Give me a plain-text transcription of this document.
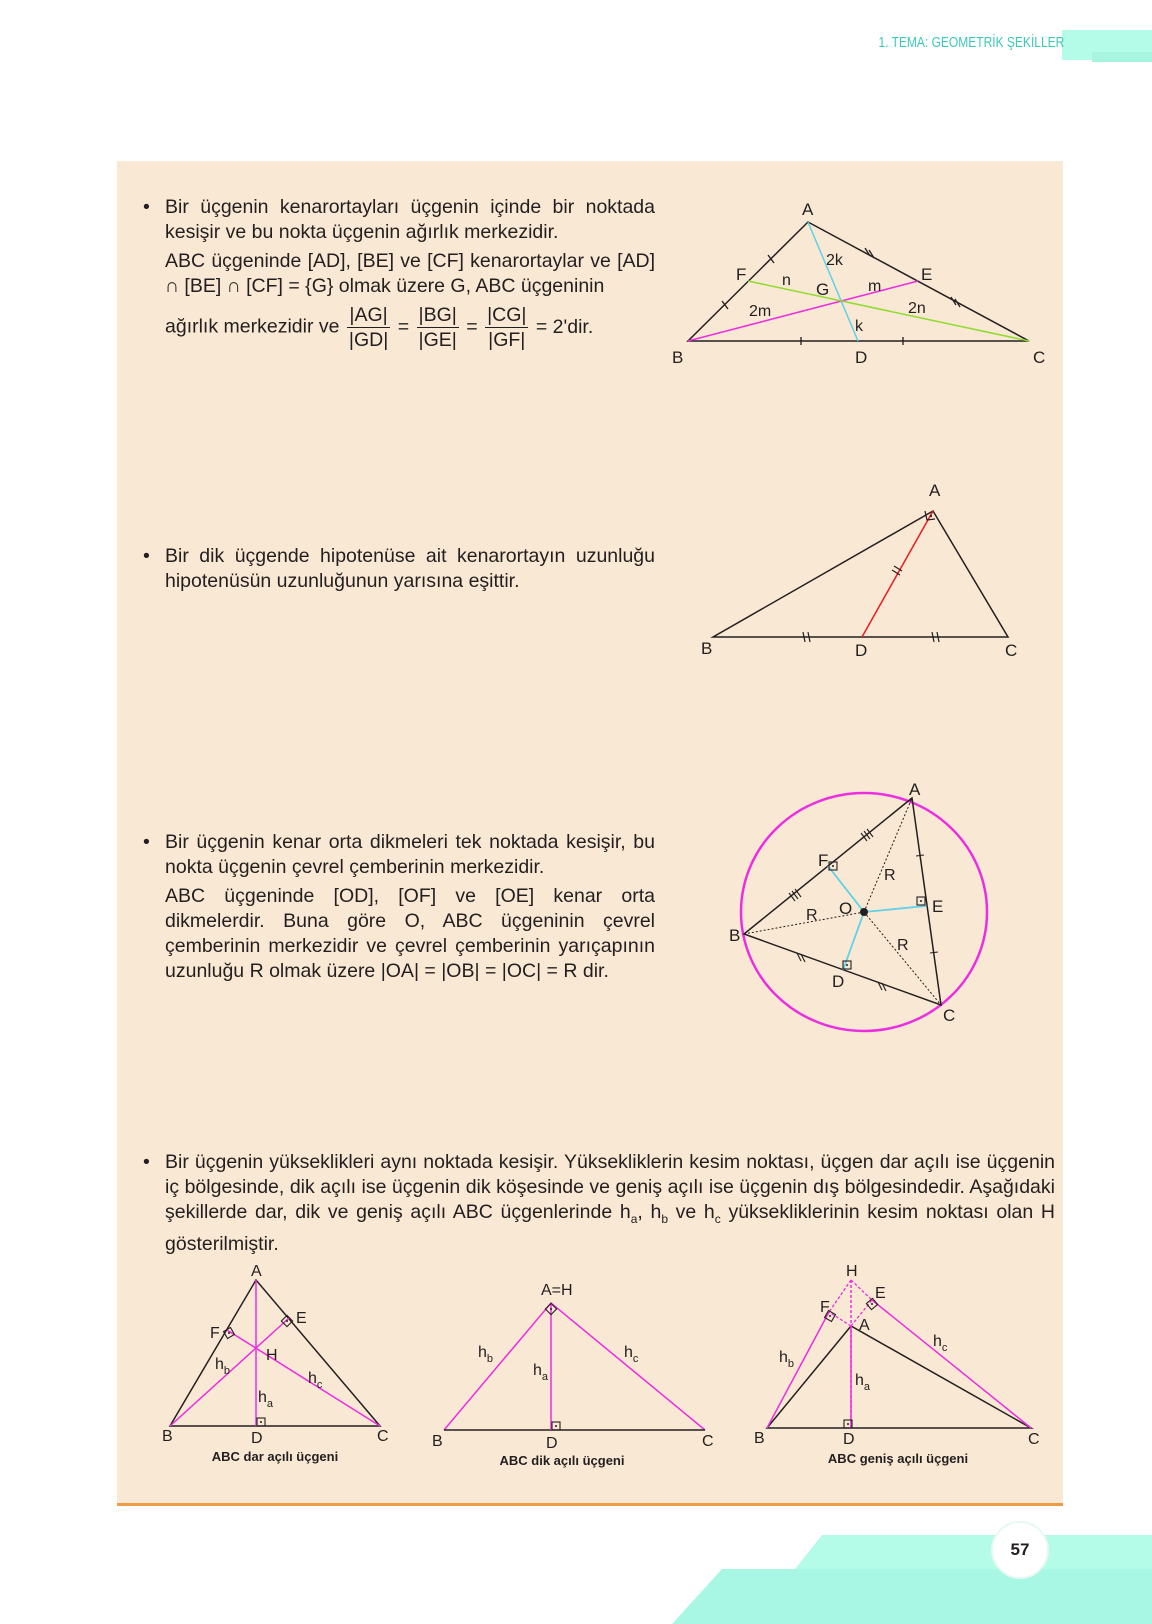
1. TEMA: GEOMETRİK ŞEKİLLER
• Bir üçgenin kenarortayları üçgenin içinde bir noktada kesişir ve bu nokta üçgenin ağırlık merkezidir.

ABC üçgeninde [AD], [BE] ve [CF] kenarortaylar ve [AD] ∩ [BE] ∩ [CF] = {G} olmak üzere G, ABC üçgeninin

ağırlık merkezidir ve $\frac{|AG|}{|GD|} = \frac{|BG|}{|GE|} = \frac{|CG|}{|GF|} = 2'dir$.
A
B	C
D
E
F
G
2k
k
n
2n
m
2m
• Bir dik üçgende hipotenüse ait kenarortayın uzunluğu hipotenüsün uzunluğunun yarısına eşittir.

A
B	C
D
• Bir üçgenin kenar orta dikmeleri tek noktada kesişir, bu nokta üçgenin çevrel çemberinin merkezidir.

ABC üçgeninde [OD], [OF] ve [OE] kenar orta dikmelerdir. Buna göre O, ABC üçgeninin çevrel çemberinin merkezidir ve çevrel çemberinin yarıçapının uzunluğu R olmak üzere |OA| = |OB| = |OC| = R dir.

A
B
C
D
E
F
O
R
R
R
• Bir üçgenin yükseklikleri aynı noktada kesişir. Yüksekliklerin kesim noktası, üçgen dar açılı ise üçgenin iç bölgesinde, dik açılı ise üçgenin dik köşesinde ve geniş açılı ise üçgenin dış bölgesindedir. Aşağıdaki şekillerde dar, dik ve geniş açılı ABC üçgenlerinde $h_a$, $h_b$ ve $h_c$ yüksekliklerinin kesim noktası olan H gösterilmiştir.

A
B	C
D
E
F
H
$h_b$
$h_a$
$h_c$
ABC dar açılı üçgeni
A=H
B	C
D
$h_b$
$h_a$
$h_c$
ABC dik açılı üçgeni
H
E
F
A
B	C
D
$h_b$
$h_a$
$h_c$
ABC geniş açılı üçgeni
57
